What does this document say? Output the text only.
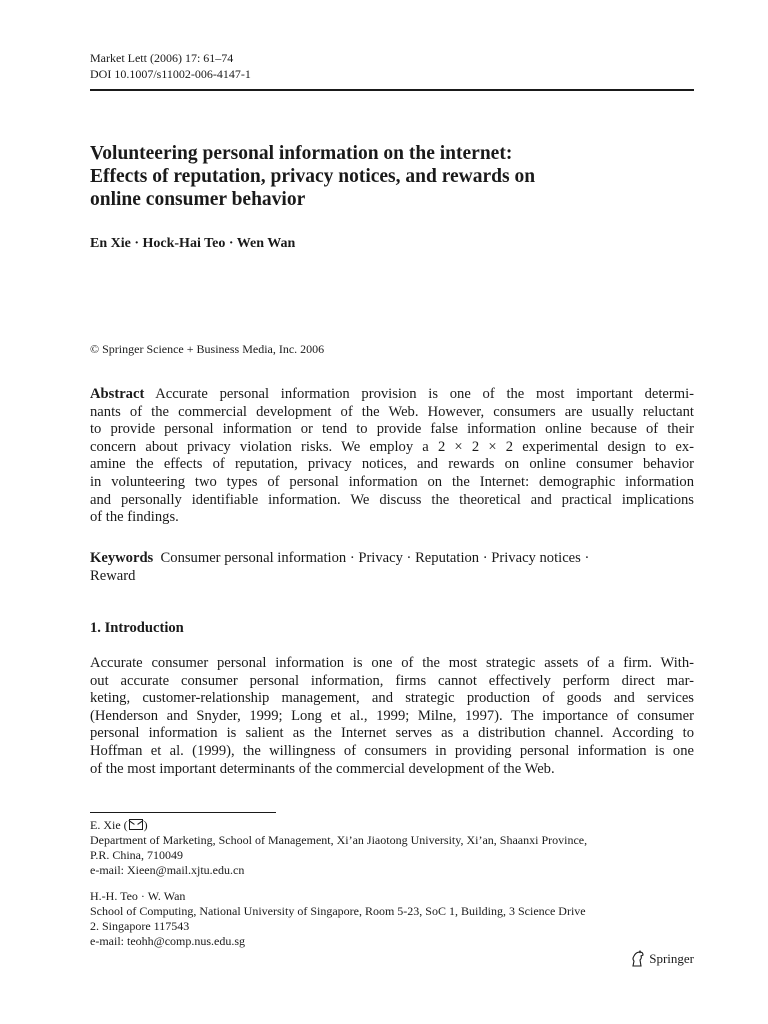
Market Lett (2006) 17: 61–74
DOI 10.1007/s11002-006-4147-1
Volunteering personal information on the internet:
Effects of reputation, privacy notices, and rewards on
online consumer behavior
En Xie · Hock-Hai Teo · Wen Wan
© Springer Science + Business Media, Inc. 2006
Abstract Accurate personal information provision is one of the most important determi-
nants of the commercial development of the Web. However, consumers are usually reluctant
to provide personal information or tend to provide false information online because of their
concern about privacy violation risks. We employ a 2 × 2 × 2 experimental design to ex-
amine the effects of reputation, privacy notices, and rewards on online consumer behavior
in volunteering two types of personal information on the Internet: demographic information
and personally identifiable information. We discuss the theoretical and practical implications
of the findings.
Keywords Consumer personal information · Privacy · Reputation · Privacy notices ·
Reward
1. Introduction
Accurate consumer personal information is one of the most strategic assets of a firm. With-
out accurate consumer personal information, firms cannot effectively perform direct mar-
keting, customer-relationship management, and strategic production of goods and services
(Henderson and Snyder, 1999; Long et al., 1999; Milne, 1997). The importance of consumer
personal information is salient as the Internet serves as a distribution channel. According to
Hoffman et al. (1999), the willingness of consumers in providing personal information is one
of the most important determinants of the commercial development of the Web.
E. Xie ( )
Department of Marketing, School of Management, Xi’an Jiaotong University, Xi’an, Shaanxi Province,
P.R. China, 710049
e-mail: Xieen@mail.xjtu.edu.cn
H.-H. Teo · W. Wan
School of Computing, National University of Singapore, Room 5-23, SoC 1, Building, 3 Science Drive
2. Singapore 117543
e-mail: teohh@comp.nus.edu.sg
Springer
